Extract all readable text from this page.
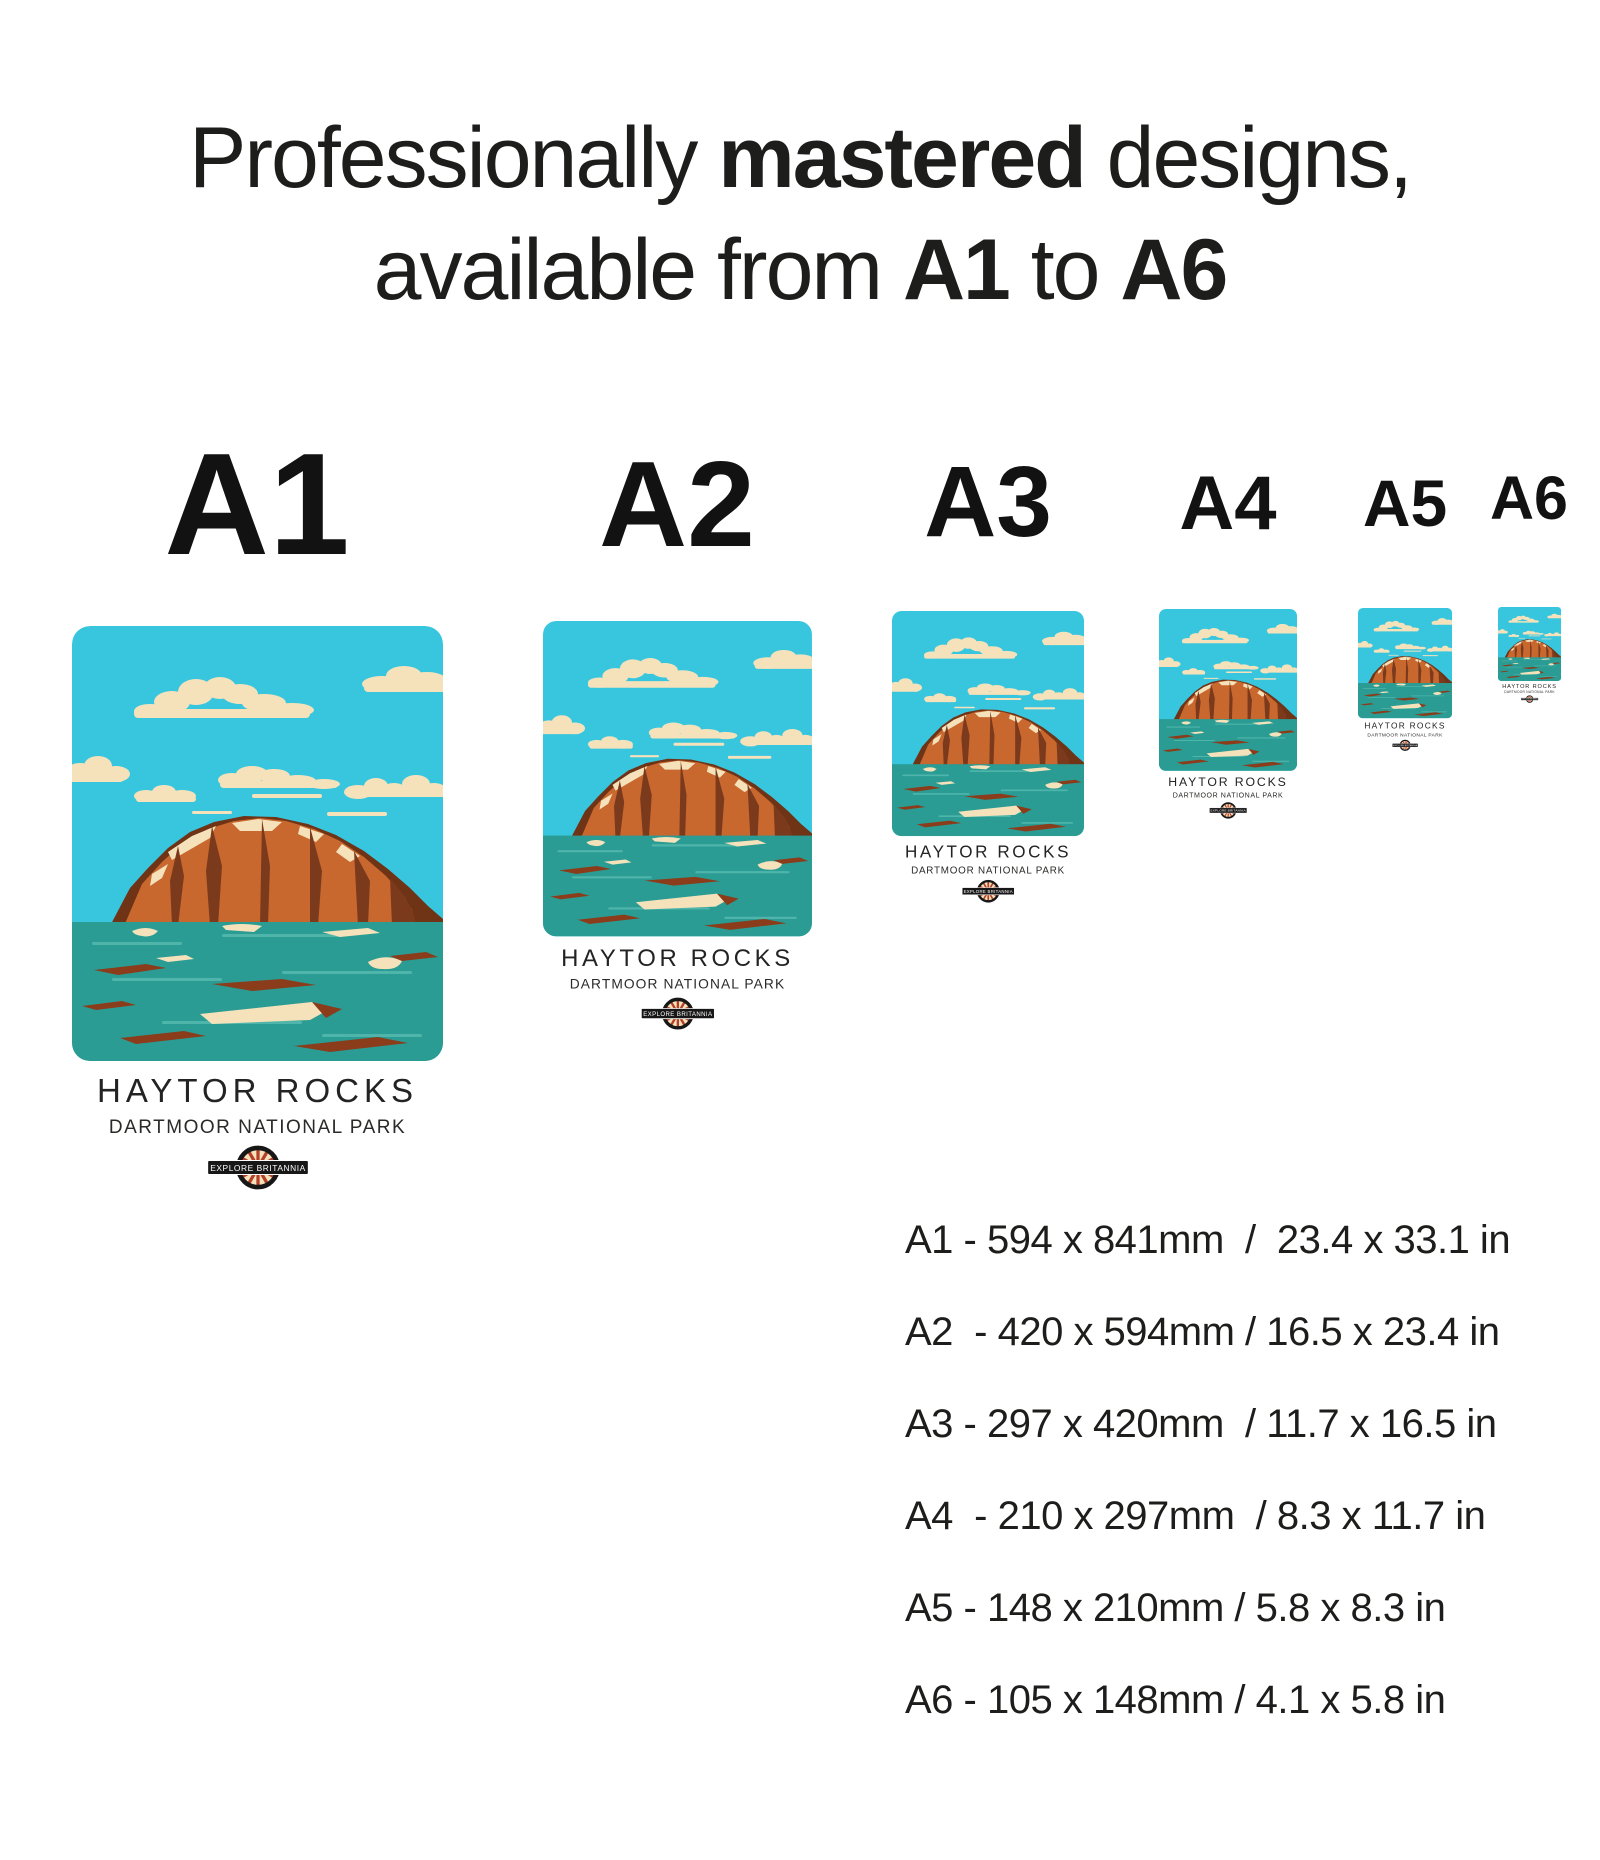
Professionally mastered designs,
available from A1 to A6
A1 A2 A3 A4 A5 A6
HAYTOR ROCKS
DARTMOOR NATIONAL PARK
HAYTOR ROCKS
DARTMOOR NATIONAL PARK
HAYTOR ROCKS
DARTMOOR NATIONAL PARK
HAYTOR ROCKS
DARTMOOR NATIONAL PARK
HAYTOR ROCKS
DARTMOOR NATIONAL PARK
HAYTOR ROCKS
DARTMOOR NATIONAL PARK
A1 - 594 x 841mm  /  23.4 x 33.1 in
A2  - 420 x 594mm / 16.5 x 23.4 in
A3 - 297 x 420mm  / 11.7 x 16.5 in
A4  - 210 x 297mm  / 8.3 x 11.7 in
A5 - 148 x 210mm / 5.8 x 8.3 in
A6 - 105 x 148mm / 4.1 x 5.8 in
